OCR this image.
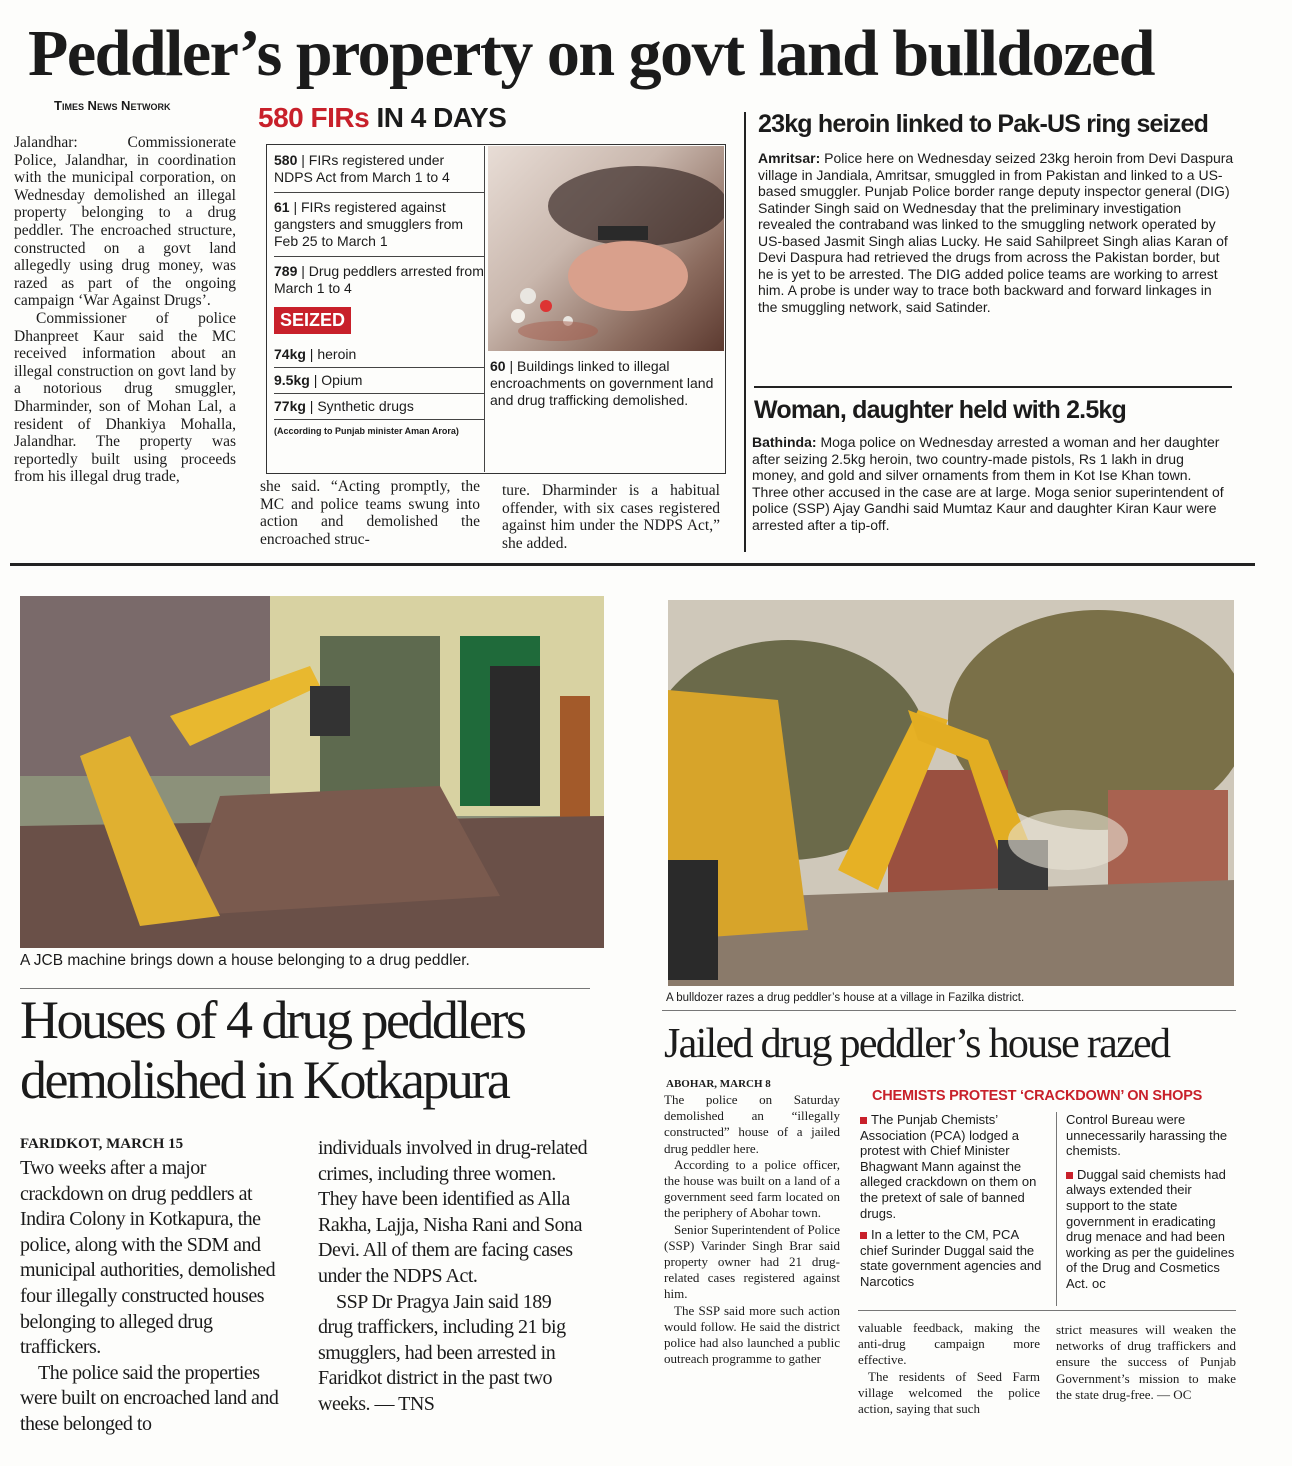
Peddler’s property on govt land bulldozed
Times News Network

Jalandhar: Commissionerate Police, Jalandhar, in coordination with the municipal corporation, on Wednesday demolished an illegal property belonging to a drug peddler. The encroached structure, constructed on a govt land allegedly using drug money, was razed as part of the ongoing campaign ‘War Against Drugs’.

Commissioner of police Dhanpreet Kaur said the MC received information about an illegal construction on govt land by a notorious drug smuggler, Dharminder, son of Mohan Lal, a resident of Dhankiya Mohalla, Jalandhar. The property was reportedly built using proceeds from his illegal drug trade,

580 FIRs IN 4 DAYS
580 | FIRs registered under NDPS Act from March 1 to 4
61 | FIRs registered against gangsters and smugglers from Feb 25 to March 1
789 | Drug peddlers arrested from March 1 to 4
SEIZED
74kg | heroin
9.5kg | Opium
77kg | Synthetic drugs
(According to Punjab minister Aman Arora)
60 | Buildings linked to illegal encroachments on government land and drug trafficking demolished.
she said. “Acting promptly, the MC and police teams swung into action and demolished the encroached struc-
ture. Dharminder is a habitual offender, with six cases registered against him under the NDPS Act,” she added.
23kg heroin linked to Pak-US ring seized
Amritsar: Police here on Wednesday seized 23kg heroin from Devi Daspura village in Jandiala, Amritsar, smuggled in from Pakistan and linked to a US-based smuggler. Punjab Police border range deputy inspector general (DIG) Satinder Singh said on Wednesday that the preliminary investigation revealed the contraband was linked to the smuggling network operated by US-based Jasmit Singh alias Lucky. He said Sahilpreet Singh alias Karan of Devi Daspura had retrieved the drugs from across the Pakistan border, but he is yet to be arrested. The DIG added police teams are working to arrest him. A probe is under way to trace both backward and forward linkages in the smuggling network, said Satinder.
Woman, daughter held with 2.5kg
Bathinda: Moga police on Wednesday arrested a woman and her daughter after seizing 2.5kg heroin, two country-made pistols, Rs 1 lakh in drug money, and gold and silver ornaments from them in Kot Ise Khan town. Three other accused in the case are at large. Moga senior superintendent of police (SSP) Ajay Gandhi said Mumtaz Kaur and daughter Kiran Kaur were arrested after a tip-off.
A JCB machine brings down a house belonging to a drug peddler.
Houses of 4 drug peddlers demolished in Kotkapura
FARIDKOT, MARCH 15

Two weeks after a major crackdown on drug peddlers at Indira Colony in Kotkapura, the police, along with the SDM and municipal authorities, demolished four illegally constructed houses belonging to alleged drug traffickers.

The police said the properties were built on encroached land and these belonged to

individuals involved in drug-related crimes, including three women. They have been identified as Alla Rakha, Lajja, Nisha Rani and Sona Devi. All of them are facing cases under the NDPS Act.

SSP Dr Pragya Jain said 189 drug traffickers, including 21 big smugglers, had been arrested in Faridkot district in the past two weeks. — TNS

A bulldozer razes a drug peddler’s house at a village in Fazilka district.
Jailed drug peddler’s house razed
ABOHAR, MARCH 8

The police on Saturday demolished an “illegally constructed” house of a jailed drug peddler here.

According to a police officer, the house was built on a land of a government seed farm located on the periphery of Abohar town.

Senior Superintendent of Police (SSP) Varinder Singh Brar said property owner had 21 drug-related cases registered against him.

The SSP said more such action would follow. He said the district police had also launched a public outreach programme to gather

CHEMISTS PROTEST ‘CRACKDOWN’ ON SHOPS

The Punjab Chemists’ Association (PCA) lodged a protest with Chief Minister Bhagwant Mann against the alleged crackdown on them on the pretext of sale of banned drugs.

In a letter to the CM, PCA chief Surinder Duggal said the state government agencies and Narcotics

Control Bureau were unnecessarily harassing the chemists.

Duggal said chemists had always extended their support to the state government in eradicating drug menace and had been working as per the guidelines of the Drug and Cosmetics Act. oc

valuable feedback, making the anti-drug campaign more effective.

The residents of Seed Farm village welcomed the police action, saying that such

strict measures will weaken the networks of drug traffickers and ensure the success of Punjab Government’s mission to make the state drug-free. — OC
